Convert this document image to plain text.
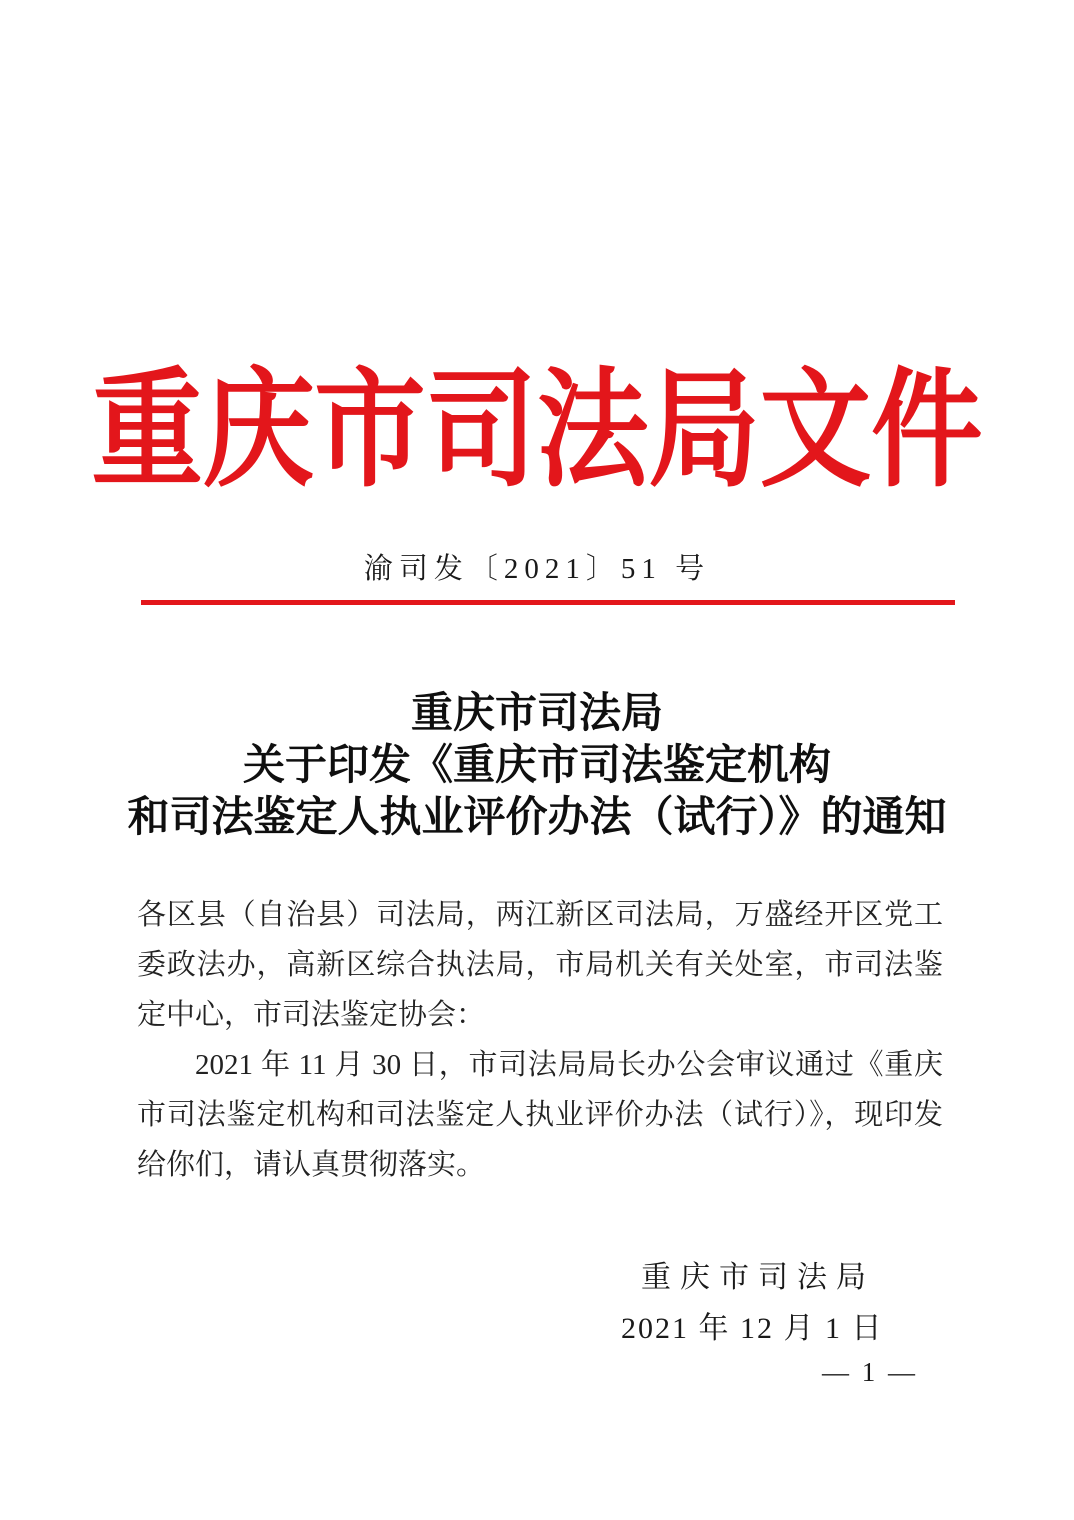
重庆市司法局文件
渝司发〔2021〕51 号
重庆市司法局
关于印发《重庆市司法鉴定机构
和司法鉴定人执业评价办法（试行）》的通知

各区县（自治县）司法局，两江新区司法局，万盛经开区党工委政法办，高新区综合执法局，市局机关有关处室，市司法鉴定中心，市司法鉴定协会：

2021 年 11 月 30 日，市司法局局长办公会审议通过《重庆市司法鉴定机构和司法鉴定人执业评价办法（试行）》，现印发给你们，请认真贯彻落实。

重庆市司法局
2021 年 12 月 1 日
— 1 —
